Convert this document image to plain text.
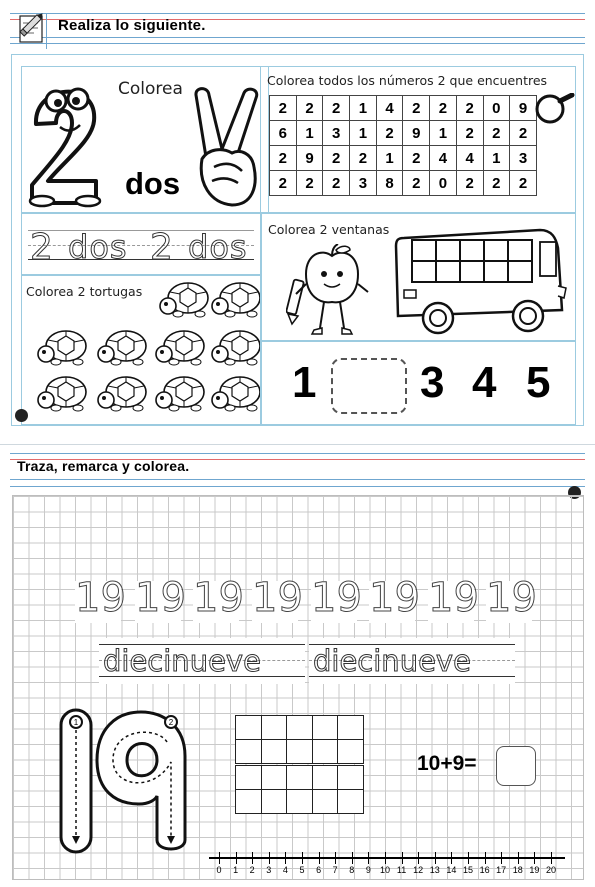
Realiza lo siguiente.
Colorea
dos
Colorea todos los números 2 que encuentres
2	2	2	1	4	2	2	2	0	9
6	1	3	1	2	9	1	2	2	2
2	9	2	2	1	2	4	4	1	3
2	2	2	3	8	2	0	2	2	2
2 dos 2 dos
Colorea 2 tortugas
Colorea 2 ventanas
1 3 4 5
Traza, remarca y colorea.
19 19 19 19 19 19 19 19
diecinueve diecinueve
1	2

10+9=
0	1	2	3	4	5	6	7	8	9	10 11 12 13 14 15 16 17 18 19 20
